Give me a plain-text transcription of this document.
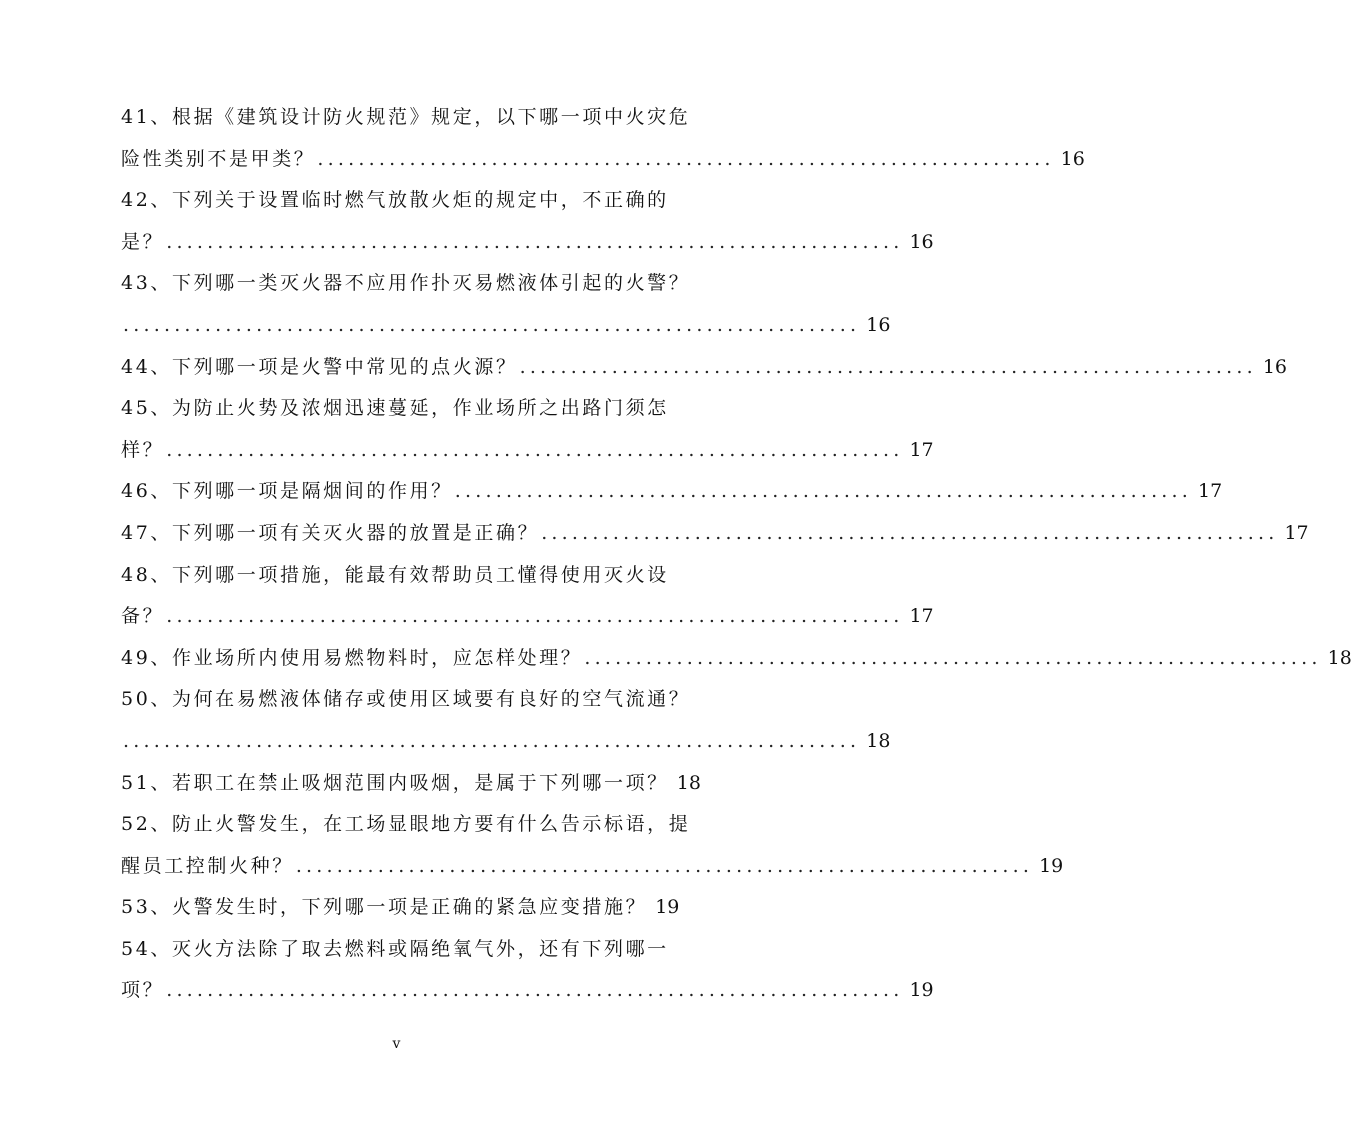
41、根据《建筑设计防火规范》规定，以下哪一项中火灾危
险性类别不是甲类？ ........................................................................ 16
42、下列关于设置临时燃气放散火炬的规定中，不正确的
是？ ........................................................................ 16
43、下列哪一类灭火器不应用作扑灭易燃液体引起的火警？
........................................................................ 16
44、下列哪一项是火警中常见的点火源？ ........................................................................ 16
45、为防止火势及浓烟迅速蔓延，作业场所之出路门须怎
样？ ........................................................................ 17
46、下列哪一项是隔烟间的作用？ ........................................................................ 17
47、下列哪一项有关灭火器的放置是正确？ ........................................................................ 17
48、下列哪一项措施，能最有效帮助员工懂得使用灭火设
备？ ........................................................................ 17
49、作业场所内使用易燃物料时，应怎样处理？ ........................................................................ 18
50、为何在易燃液体储存或使用区域要有良好的空气流通？
........................................................................ 18
51、若职工在禁止吸烟范围内吸烟，是属于下列哪一项？ 18
52、防止火警发生，在工场显眼地方要有什么告示标语，提
醒员工控制火种？ ........................................................................ 19
53、火警发生时，下列哪一项是正确的紧急应变措施？ 19
54、灭火方法除了取去燃料或隔绝氧气外，还有下列哪一
项？ ........................................................................ 19
v
